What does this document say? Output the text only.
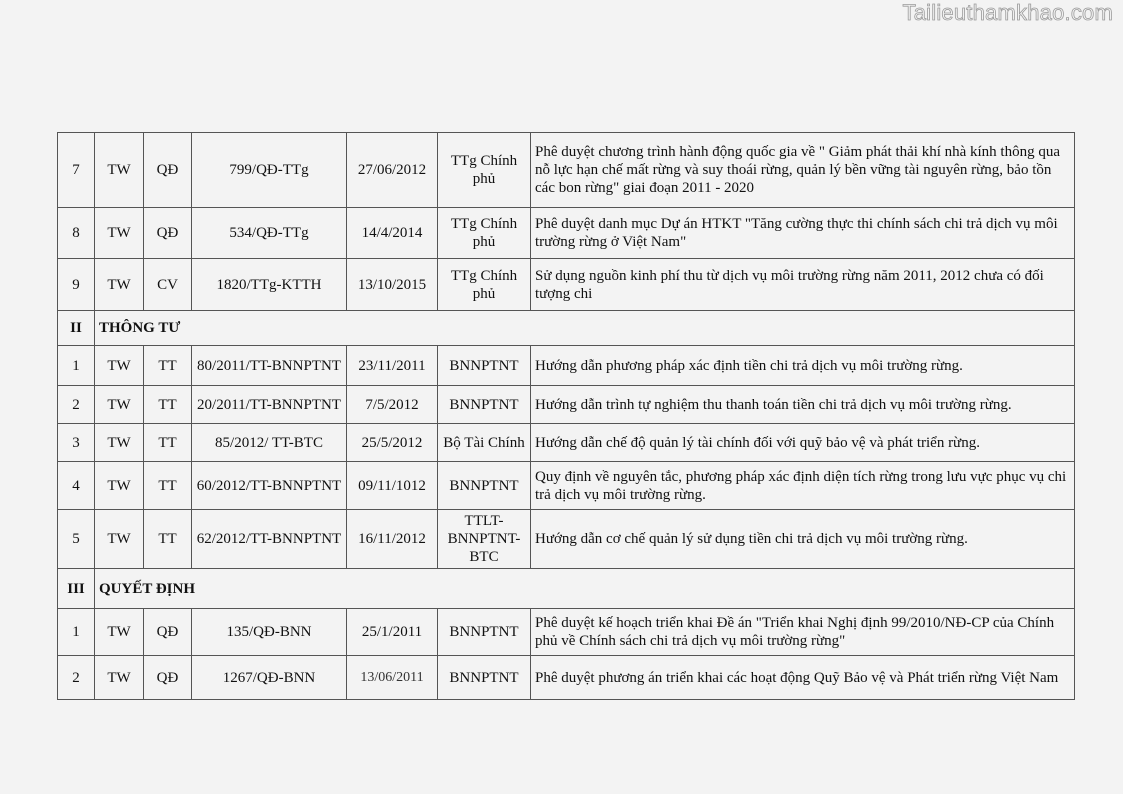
Tailieuthamkhao.com
7	TW	QĐ	799/QĐ-TTg	27/06/2012	TTg Chính phủ	Phê duyệt chương trình hành động quốc gia về " Giảm phát thải khí nhà kính thông qua nỗ lực hạn chế mất rừng và suy thoái rừng, quản lý bền vững tài nguyên rừng, bảo tồn các bon rừng" giai đoạn 2011 - 2020
8	TW	QĐ	534/QĐ-TTg	14/4/2014	TTg Chính phủ	Phê duyệt danh mục Dự án HTKT "Tăng cường thực thi chính sách chi trả dịch vụ môi trường rừng ở Việt Nam"
9	TW	CV	1820/TTg-KTTH	13/10/2015	TTg Chính phủ	Sử dụng nguồn kinh phí thu từ dịch vụ môi trường rừng năm 2011, 2012 chưa có đối tượng chi
II	THÔNG TƯ					
1	TW	TT	80/2011/TT-BNNPTNT	23/11/2011	BNNPTNT	Hướng dẫn phương pháp xác định tiền chi trả dịch vụ môi trường rừng.
2	TW	TT	20/2011/TT-BNNPTNT	7/5/2012	BNNPTNT	Hướng dẫn trình tự nghiệm thu thanh toán tiền chi trả dịch vụ môi trường rừng.
3	TW	TT	85/2012/ TT-BTC	25/5/2012	Bộ Tài Chính	Hướng dẫn chế độ quản lý tài chính đối với quỹ bảo vệ và phát triển rừng.
4	TW	TT	60/2012/TT-BNNPTNT	09/11/1012	BNNPTNT	Quy định về nguyên tắc, phương pháp xác định diện tích rừng trong lưu vực phục vụ chi trả dịch vụ môi trường rừng.
5	TW	TT	62/2012/TT-BNNPTNT	16/11/2012	TTLT-BNNPTNT-BTC	Hướng dẫn cơ chế quản lý sử dụng tiền chi trả dịch vụ môi trường rừng.
III	QUYẾT ĐỊNH					
1	TW	QĐ	135/QĐ-BNN	25/1/2011	BNNPTNT	Phê duyệt kế hoạch triển khai Đề án "Triển khai Nghị định 99/2010/NĐ-CP của Chính phủ về Chính sách chi trả dịch vụ môi trường rừng"
2	TW	QĐ	1267/QĐ-BNN	13/06/2011	BNNPTNT	Phê duyệt phương án triển khai các hoạt động Quỹ Bảo vệ và Phát triển rừng Việt Nam
